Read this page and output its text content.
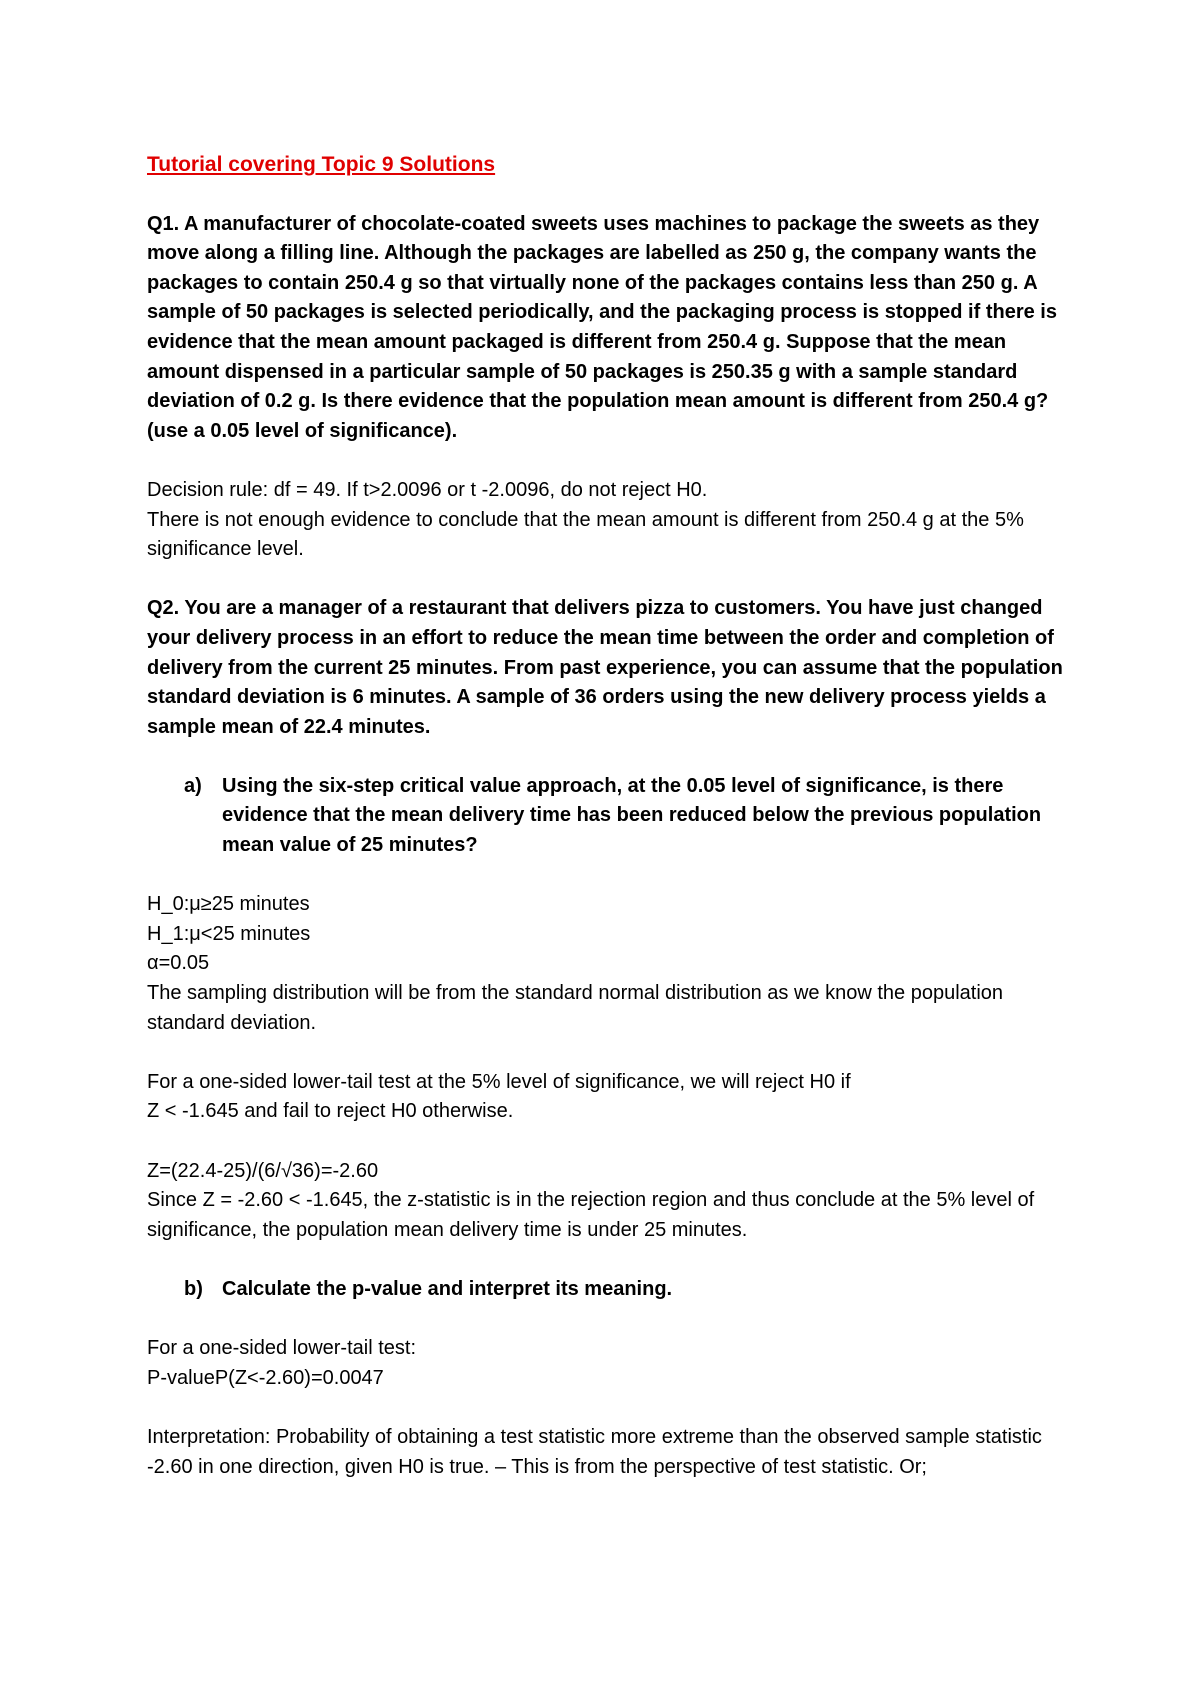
Tutorial covering Topic 9 Solutions

Q1. A manufacturer of chocolate-coated sweets uses machines to package the sweets as they move along a filling line. Although the packages are labelled as 250 g, the company wants the packages to contain 250.4 g so that virtually none of the packages contains less than 250 g. A sample of 50 packages is selected periodically, and the packaging process is stopped if there is evidence that the mean amount packaged is different from 250.4 g. Suppose that the mean amount dispensed in a particular sample of 50 packages is 250.35 g with a sample standard deviation of 0.2 g. Is there evidence that the population mean amount is different from 250.4 g? (use a 0.05 level of significance).

Decision rule: df = 49. If t>2.0096 or t -2.0096, do not reject H0.

There is not enough evidence to conclude that the mean amount is different from 250.4 g at the 5% significance level.

Q2. You are a manager of a restaurant that delivers pizza to customers. You have just changed your delivery process in an effort to reduce the mean time between the order and completion of delivery from the current 25 minutes. From past experience, you can assume that the population standard deviation is 6 minutes. A sample of 36 orders using the new delivery process yields a sample mean of 22.4 minutes.

a)	Using the six-step critical value approach, at the 0.05 level of significance, is there evidence that the mean delivery time has been reduced below the previous population mean value of 25 minutes?

H_0:μ≥25 minutes

H_1:μ<25 minutes

α=0.05

The sampling distribution will be from the standard normal distribution as we know the population standard deviation.

For a one-sided lower-tail test at the 5% level of significance, we will reject H0 if

Z < -1.645 and fail to reject H0 otherwise.

Z=(22.4-25)/(6/√36)=-2.60

Since Z = -2.60 < -1.645, the z-statistic is in the rejection region and thus conclude at the 5% level of significance, the population mean delivery time is under 25 minutes.

b) Calculate the p-value and interpret its meaning.

For a one-sided lower-tail test:

P-valueP(Z<-2.60)=0.0047

Interpretation: Probability of obtaining a test statistic more extreme than the observed sample statistic -2.60 in one direction, given H0 is true. – This is from the perspective of test statistic. Or;
